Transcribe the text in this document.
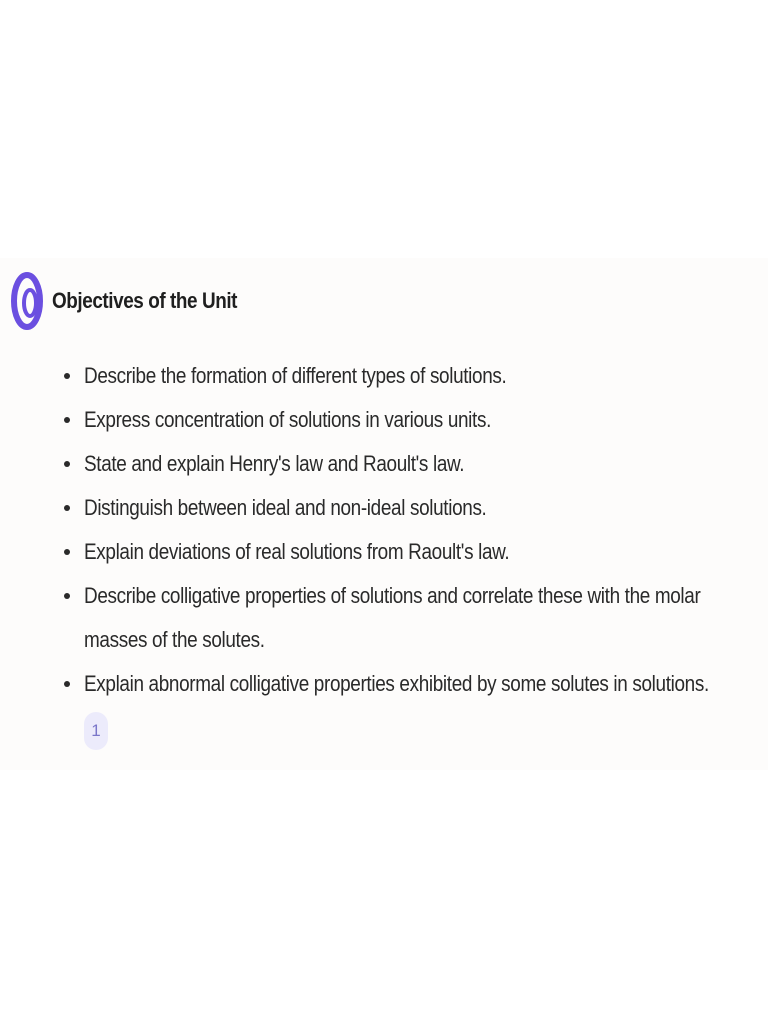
Objectives of the Unit
Describe the formation of different types of solutions.
Express concentration of solutions in various units.
State and explain Henry's law and Raoult's law.
Distinguish between ideal and non-ideal solutions.
Explain deviations of real solutions from Raoult's law.
Describe colligative properties of solutions and correlate these with the molar masses of the solutes.
Explain abnormal colligative properties exhibited by some solutes in solutions.
1
